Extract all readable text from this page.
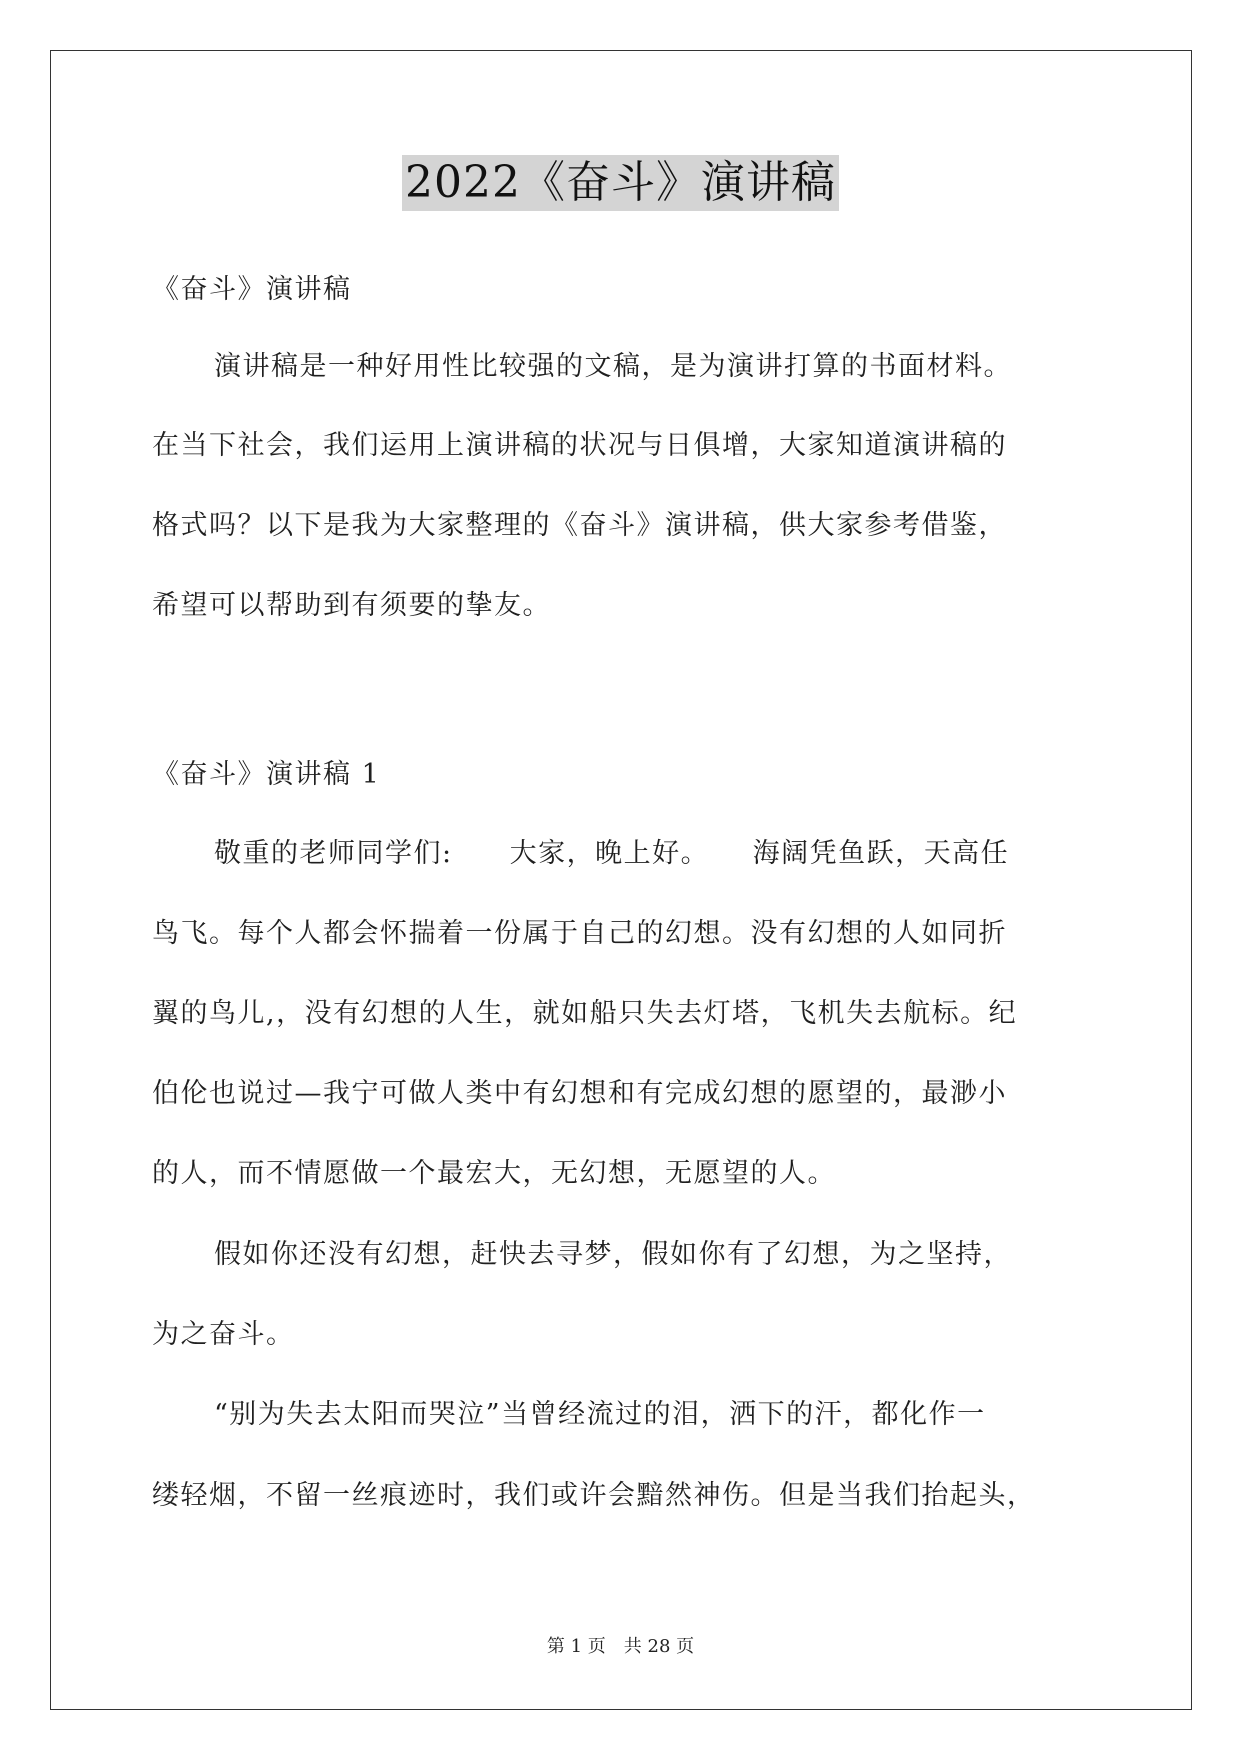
2022《奋斗》演讲稿
《奋斗》演讲稿
演讲稿是一种好用性比较强的文稿，是为演讲打算的书面材料。
在当下社会，我们运用上演讲稿的状况与日俱增，大家知道演讲稿的
格式吗？以下是我为大家整理的《奋斗》演讲稿，供大家参考借鉴，
希望可以帮助到有须要的挚友。
《奋斗》演讲稿 1
敬重的老师同学们:　　大家，晚上好。　　海阔凭鱼跃，天高任
鸟飞。每个人都会怀揣着一份属于自己的幻想。没有幻想的人如同折
翼的鸟儿,，没有幻想的人生，就如船只失去灯塔，飞机失去航标。纪
伯伦也说过—我宁可做人类中有幻想和有完成幻想的愿望的，最渺小
的人，而不情愿做一个最宏大，无幻想，无愿望的人。
假如你还没有幻想，赶快去寻梦，假如你有了幻想，为之坚持，
为之奋斗。
“别为失去太阳而哭泣”当曾经流过的泪，洒下的汗，都化作一
缕轻烟，不留一丝痕迹时，我们或许会黯然神伤。但是当我们抬起头，
第 1 页　共 28 页
